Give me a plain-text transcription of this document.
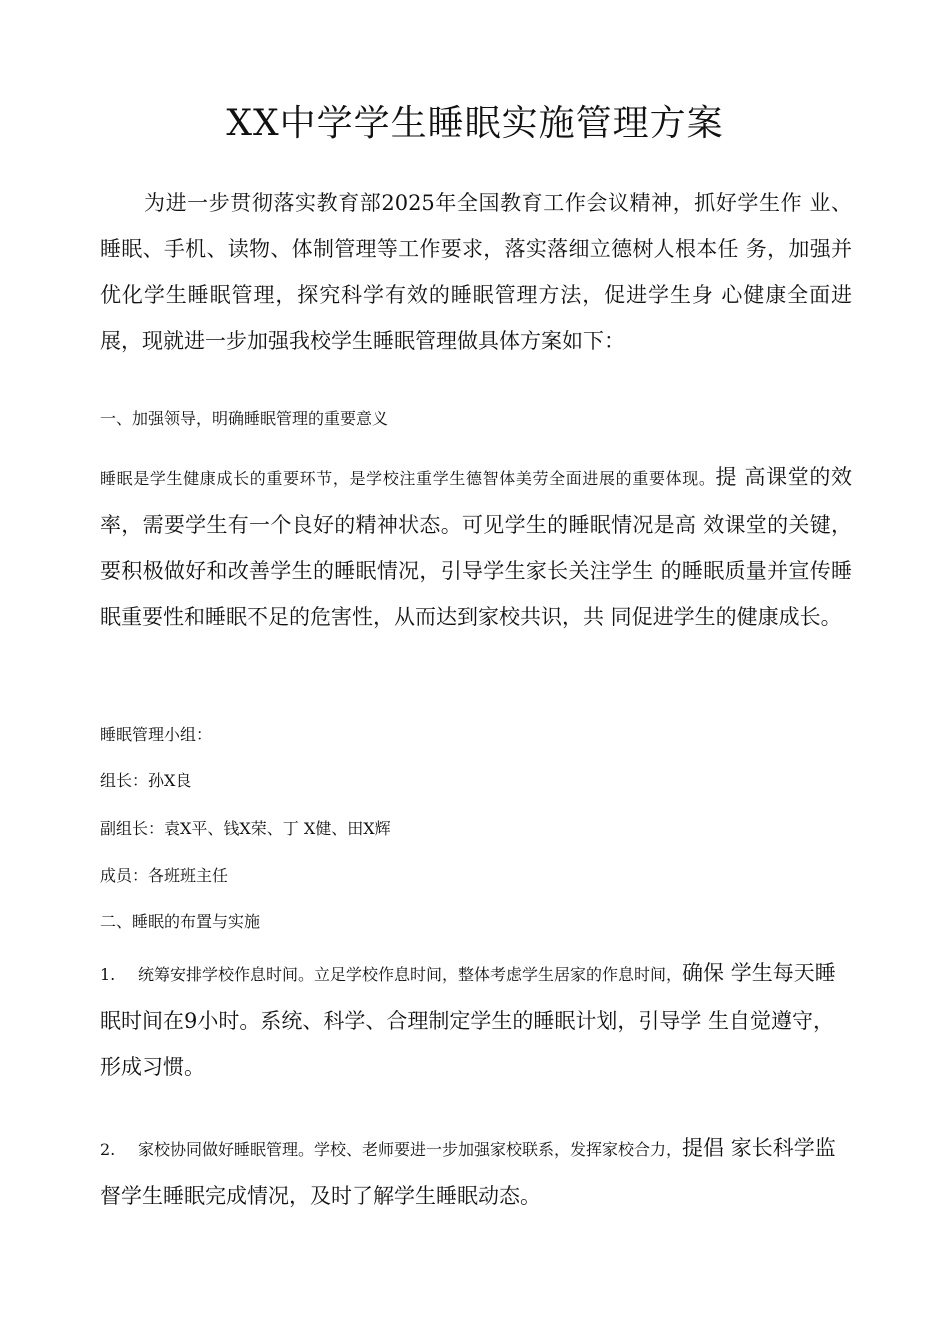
XX中学学生睡眠实施管理方案
为进一步贯彻落实教育部2025年全国教育工作会议精神，抓好学生作 业、睡眠、手机、读物、体制管理等工作要求，落实落细立德树人根本任 务，加强并优化学生睡眠管理，探究科学有效的睡眠管理方法，促进学生身 心健康全面进展，现就进一步加强我校学生睡眠管理做具体方案如下：
一、加强领导，明确睡眠管理的重要意义
睡眠是学生健康成长的重要环节，是学校注重学生德智体美劳全面进展的重要体现。提 高课堂的效率，需要学生有一个良好的精神状态。可见学生的睡眠情况是高 效课堂的关键，要积极做好和改善学生的睡眠情况，引导学生家长关注学生 的睡眠质量并宣传睡眠重要性和睡眠不足的危害性，从而达到家校共识，共 同促进学生的健康成长。
睡眠管理小组：
组长：孙X良
副组长：袁X平、钱X荣、丁 X健、田X辉
成员：各班班主任
二、睡眠的布置与实施
1. 统筹安排学校作息时间。立足学校作息时间，整体考虑学生居家的作息时间，确保 学生每天睡眠时间在9小时。系统、科学、合理制定学生的睡眠计划，引导学 生自觉遵守，形成习惯。
2. 家校协同做好睡眠管理。学校、老师要进一步加强家校联系，发挥家校合力，提倡 家长科学监督学生睡眠完成情况，及时了解学生睡眠动态。
